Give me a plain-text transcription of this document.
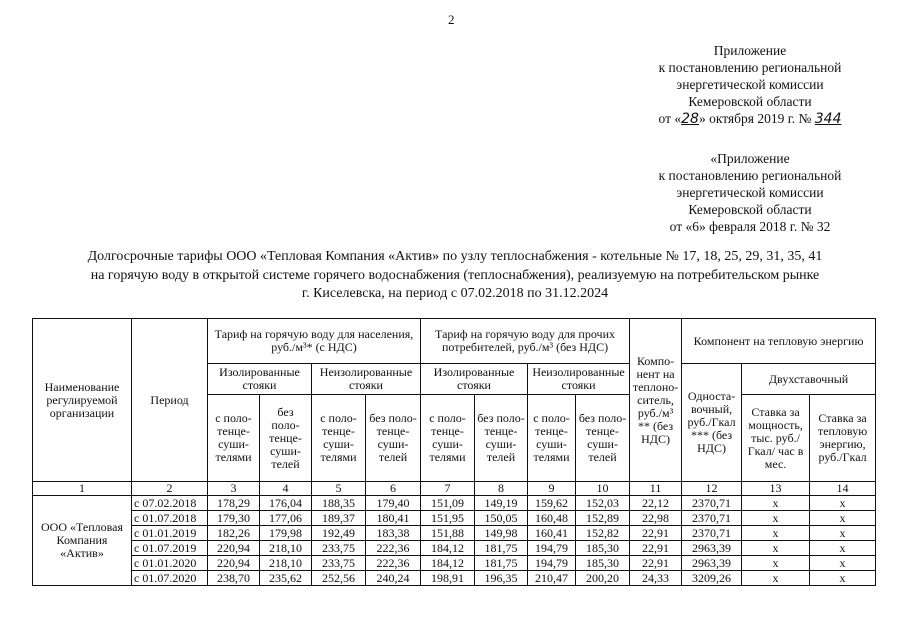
2
Приложение
к постановлению региональной
энергетической комиссии
Кемеровской области
от «28» октября 2019 г. № 344
«Приложение
к постановлению региональной
энергетической комиссии
Кемеровской области
от «6» февраля 2018 г. № 32
Долгосрочные тарифы ООО «Тепловая Компания «Актив» по узлу теплоснабжения - котельные № 17, 18, 25, 29, 31, 35, 41
на горячую воду в открытой системе горячего водоснабжения (теплоснабжения), реализуемую на потребительском рынке
г. Киселевска, на период с 07.02.2018 по 31.12.2024
Наименование регулируемой организации	Период	Тариф на горячую воду для населения, руб./м³* (с НДС)				Тариф на горячую воду для прочих потребителей, руб./м³ (без НДС)				Компо-нент на теплоно-ситель, руб./м³ ** (без НДС)	Компонент на тепловую энергию		
		Изолированные стояки		Неизолированные стояки		Изолированные стояки		Неизолированные стояки			Односта-вочный, руб./Гкал *** (без НДС)	Двухставочный	
		с поло-тенце-суши-телями	без поло-тенце-суши-телей	с поло-тенце-суши-телями	без поло-тенце-суши-телей	с поло-тенце-суши-телями	без поло-тенце-суши-телей	с поло-тенце-суши-телями	без поло-тенце-суши-телей			Ставка за мощность, тыс. руб./ Гкал/ час в мес.	Ставка за тепловую энергию, руб./Гкал

1	2	3	4	5	6	7	8	9	10	11	12	13	14
ООО «Тепловая Компания «Актив»	с 07.02.2018	178,29	176,04	188,35	179,40	151,09	149,19	159,62	152,03	22,12	2370,71	х	х
	с 01.07.2018	179,30	177,06	189,37	180,41	151,95	150,05	160,48	152,89	22,98	2370,71	х	х
	с 01.01.2019	182,26	179,98	192,49	183,38	151,88	149,98	160,41	152,82	22,91	2370,71	х	х
	с 01.07.2019	220,94	218,10	233,75	222,36	184,12	181,75	194,79	185,30	22,91	2963,39	х	х
	с 01.01.2020	220,94	218,10	233,75	222,36	184,12	181,75	194,79	185,30	22,91	2963,39	х	х
	с 01.07.2020	238,70	235,62	252,56	240,24	198,91	196,35	210,47	200,20	24,33	3209,26	х	х
